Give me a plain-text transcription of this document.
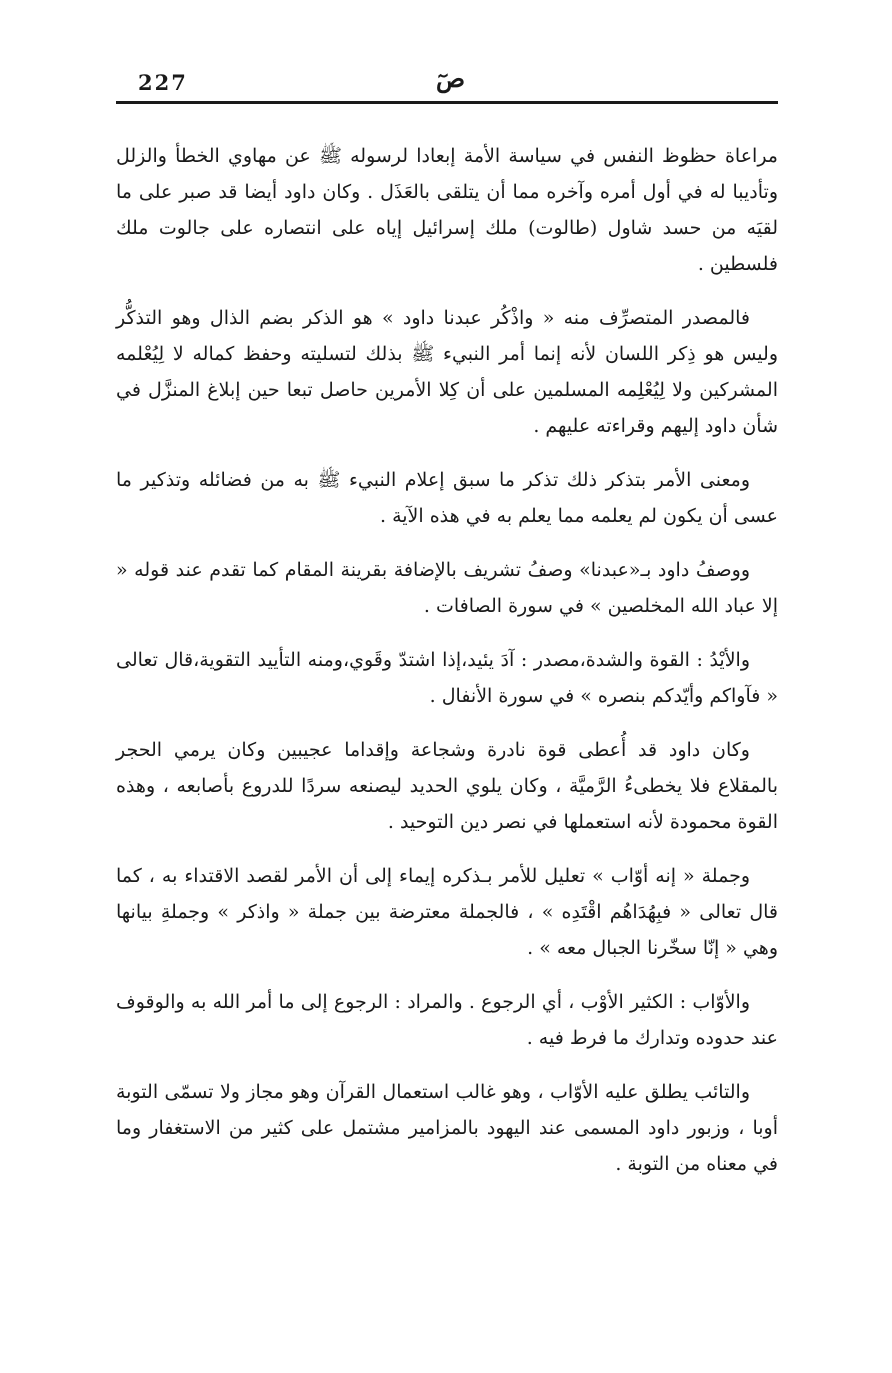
227	صٓ

مراعاة حظوظ النفس في سياسة الأمة إبعادا لرسوله ﷺ عن مهاوي الخطأ والزلل وتأديبا له في أول أمره وآخره مما أن يتلقى بالعَذَل . وكان داود أيضا قد صبر على ما لقيَه من حسد شاول (طالوت) ملك إسرائيل إياه على انتصاره على جالوت ملك فلسطين .

فالمصدر المتصرِّف منه « واذْكُر عبدنا داود » هو الذكر بضم الذال وهو التذكُّر وليس هو ذِكر اللسان لأنه إنما أمر النبيء ﷺ بذلك لتسليته وحفظ كماله لا لِيُعْلمه المشركين ولا لِيُعْلِمه المسلمين على أن كِلا الأمرين حاصل تبعا حين إبلاغ المنزَّل في شأن داود إليهم وقراءته عليهم .

ومعنى الأمر بتذكر ذلك تذكر ما سبق إعلام النبيء ﷺ به من فضائله وتذكير ما عسى أن يكون لم يعلمه مما يعلم به في هذه الآية .

ووصفُ داود بـ«عبدنا» وصفُ تشريف بالإضافة بقرينة المقام كما تقدم عند قوله « إلا عباد الله المخلصين » في سورة الصافات .

والأيْدُ : القوة والشدة،مصدر : آدَ يئيد،إذا اشتدّ وقَوي،ومنه التأييد التقوية،قال تعالى « فآواكم وأيّدكم بنصره » في سورة الأنفال .

وكان داود قد أُعطى قوة نادرة وشجاعة وإقداما عجيبين وكان يرمي الحجر بالمقلاع فلا يخطىءُ الرَّميَّة ، وكان يلوي الحديد ليصنعه سردًا للدروع بأصابعه ، وهذه القوة محمودة لأنه استعملها في نصر دين التوحيد .

وجملة « إنه أوّاب » تعليل للأمر بـذكره إيماء إلى أن الأمر لقصد الاقتداء به ، كما قال تعالى « فبِهُدَاهُم اقْتَدِه » ، فالجملة معترضة بين جملة « واذكر » وجملةِ بيانها وهي « إنّا سخّرنا الجبال معه » .

والأوّاب : الكثير الأوْب ، أي الرجوع . والمراد : الرجوع إلى ما أمر الله به والوقوف عند حدوده وتدارك ما فرط فيه .

والتائب يطلق عليه الأوّاب ، وهو غالب استعمال القرآن وهو مجاز ولا تسمّى التوبة أوبا ، وزبور داود المسمى عند اليهود بالمزامير مشتمل على كثير من الاستغفار وما في معناه من التوبة .
